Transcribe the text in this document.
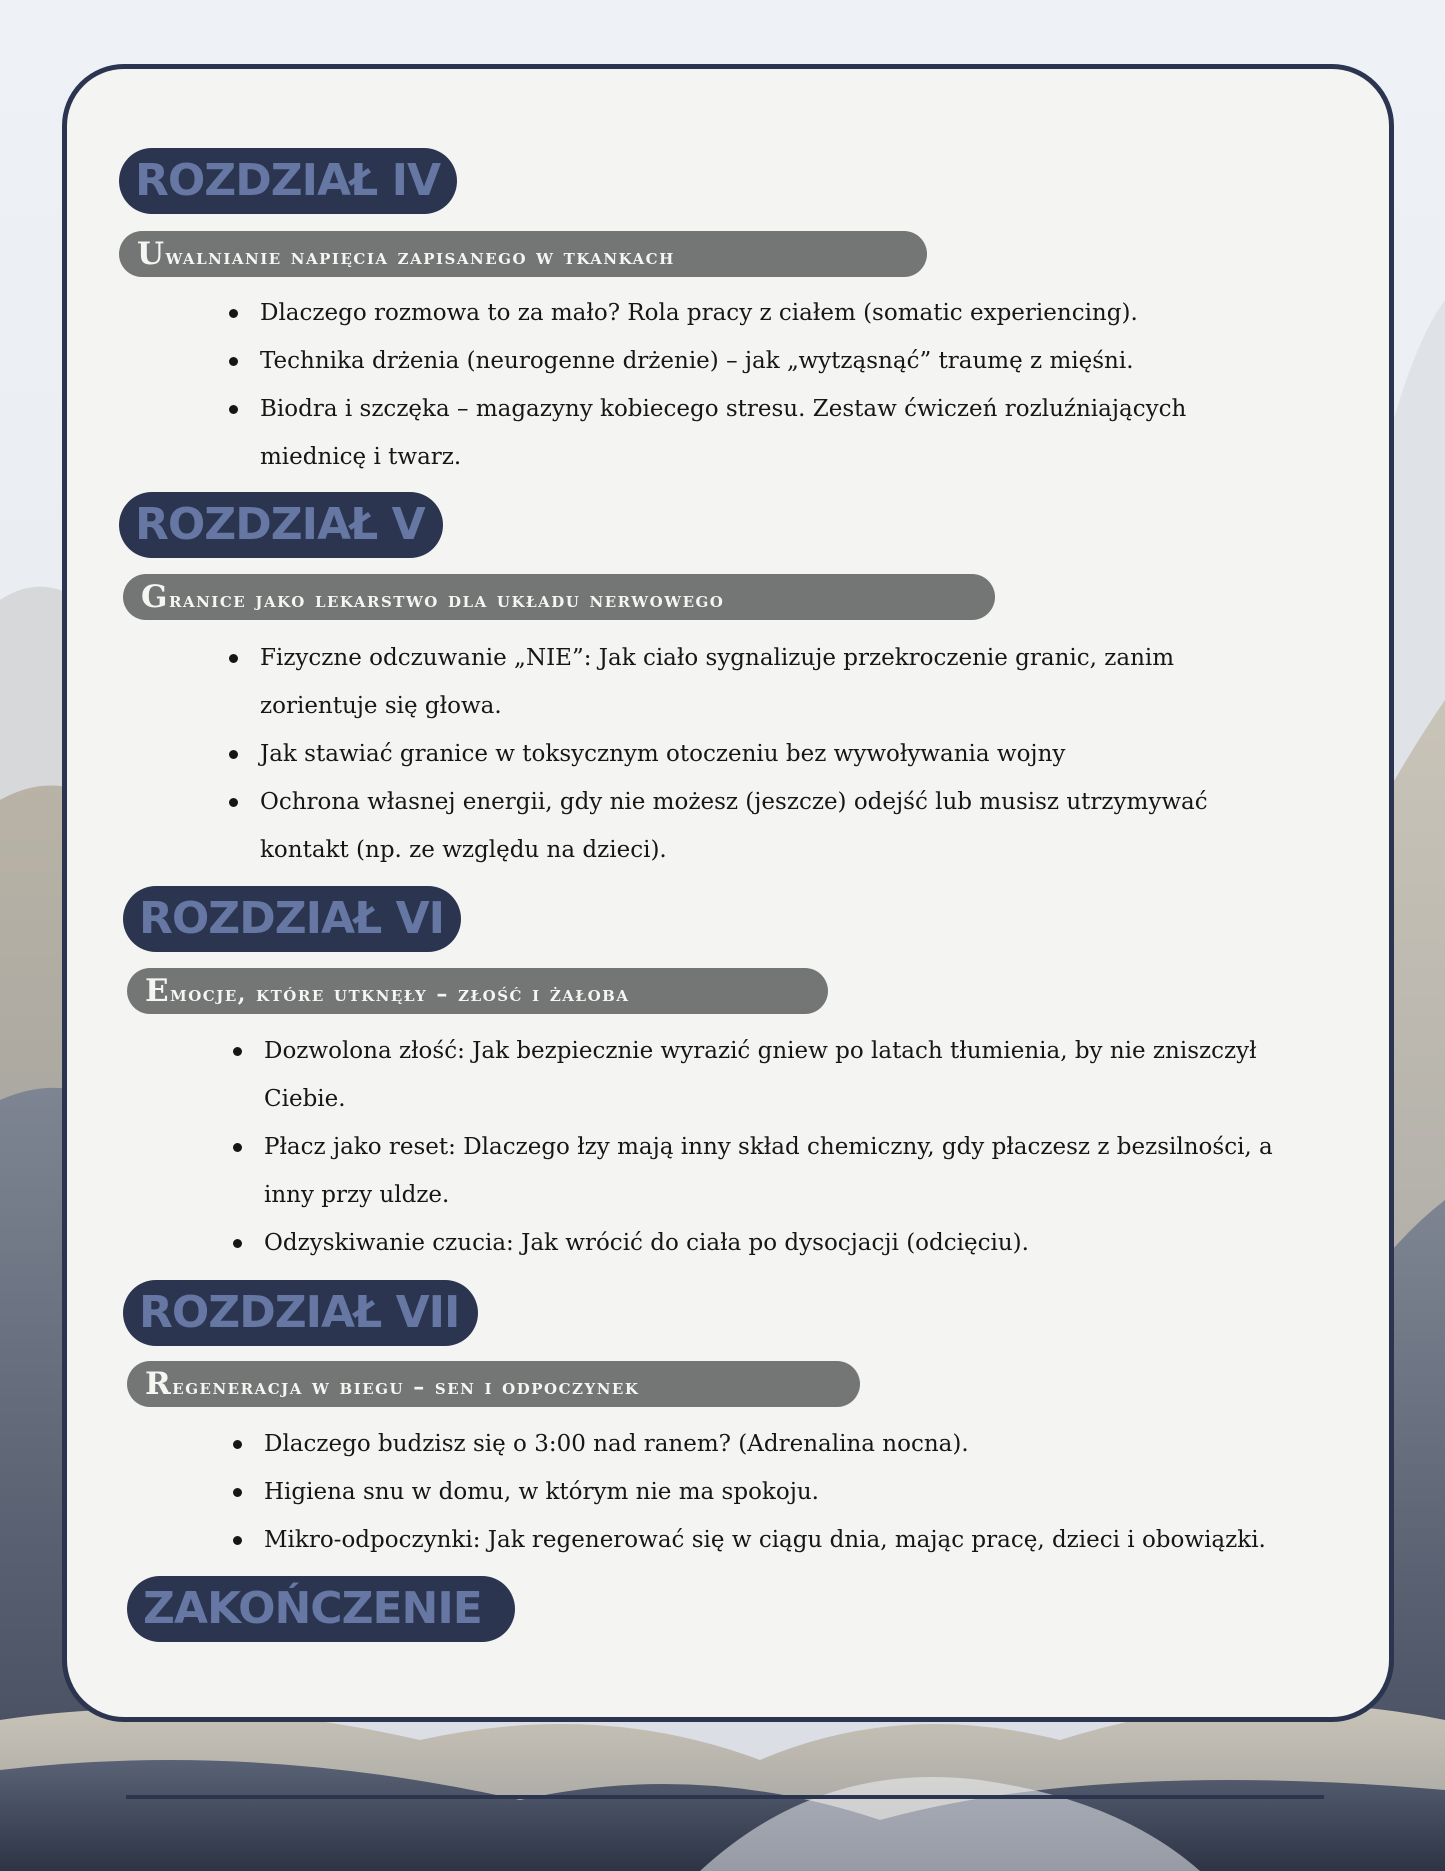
ROZDZIAŁ IV
Uwalnianie napięcia zapisanego w tkankach
Dlaczego rozmowa to za mało? Rola pracy z ciałem (somatic experiencing).
Technika drżenia (neurogenne drżenie) – jak „wytząsnąć” traumę z mięśni.
Biodra i szczęka – magazyny kobiecego stresu. Zestaw ćwiczeń rozluźniających miednicę i twarz.
ROZDZIAŁ V
Granice jako lekarstwo dla układu nerwowego
Fizyczne odczuwanie „NIE”: Jak ciało sygnalizuje przekroczenie granic, zanim zorientuje się głowa.
Jak stawiać granice w toksycznym otoczeniu bez wywoływania wojny
Ochrona własnej energii, gdy nie możesz (jeszcze) odejść lub musisz utrzymywać kontakt (np. ze względu na dzieci).
ROZDZIAŁ VI
Emocje, które utknęły – złość i żałoba
Dozwolona złość: Jak bezpiecznie wyrazić gniew po latach tłumienia, by nie zniszczył Ciebie.
Płacz jako reset: Dlaczego łzy mają inny skład chemiczny, gdy płaczesz z bezsilności, a inny przy uldze.
Odzyskiwanie czucia: Jak wrócić do ciała po dysocjacji (odcięciu).
ROZDZIAŁ VII
Regeneracja w biegu – sen i odpoczynek
Dlaczego budzisz się o 3:00 nad ranem? (Adrenalina nocna).
Higiena snu w domu, w którym nie ma spokoju.
Mikro-odpoczynki: Jak regenerować się w ciągu dnia, mając pracę, dzieci i obowiązki.
ZAKOŃCZENIE
